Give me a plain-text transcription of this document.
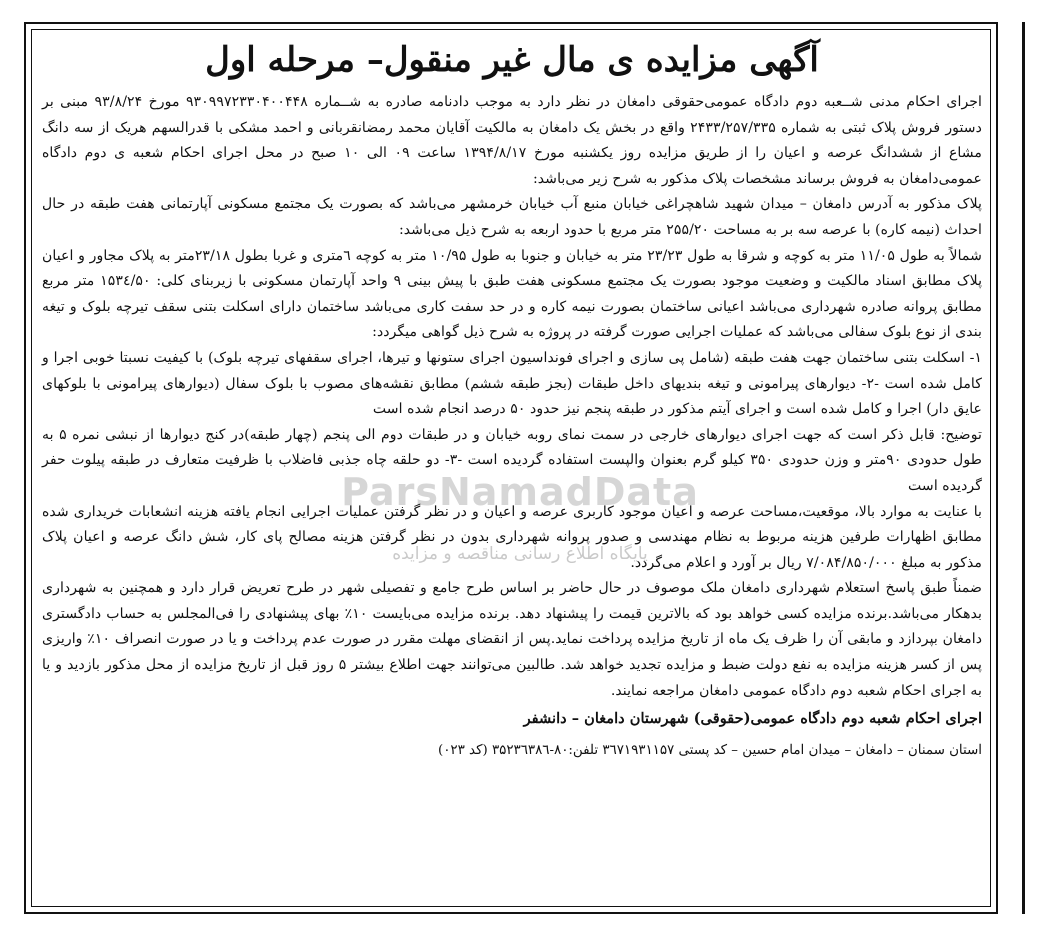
ParsNamadData
پایگاه اطلاع رسانی مناقصه و مزایده
آگهی مزایده ی مال غیر منقول– مرحله اول

اجرای احکام مدنی شــعبه دوم دادگاه عمومی‌حقوقی دامغان در نظر دارد به موجب دادنامه صادره به شــماره ۹۳۰۹۹۷۲۳۳۰۴۰۰۴۴۸ مورخ ۹۳/۸/۲۴ مبنی بر دستور فروش پلاک ثبتی به شماره ۲۴۳۳/۲۵۷/۳۳۵ واقع در بخش یک دامغان به مالکیت آقایان محمد رمضانقربانی و احمد مشکی با قدرالسهم هریک از سه دانگ مشاع از ششدانگ عرصه و اعیان را از طریق مزایده روز یکشنبه مورخ ۱۳۹۴/۸/۱۷ ساعت ۰۹ الی ۱۰ صبح در محل اجرای احکام شعبه ی دوم دادگاه عمومی‌دامغان به فروش برساند مشخصات پلاک مذکور به شرح زیر می‌باشد:

پلاک مذکور به آدرس دامغان – میدان شهید شاهچراغی خیابان منبع آب خیابان خرمشهر می‌باشد که بصورت یک مجتمع مسکونی آپارتمانی هفت طبقه در حال احداث (نیمه کاره) با عرصه سه بر به مساحت ۲۵۵/۲۰ متر مربع با حدود اربعه به شرح ذیل می‌باشد:

شمالاً به طول ۱۱/۰۵ متر به کوچه و شرقا به طول ۲۳/۲۳ متر به خیابان و جنوبا به طول ۱۰/۹۵ متر به کوچه ٦متری و غربا بطول ۲۳/۱۸متر به پلاک مجاور و اعیان پلاک مطابق اسناد مالکیت و وضعیت موجود بصورت یک مجتمع مسکونی هفت طبق با پیش بینی ۹ واحد آپارتمان مسکونی با زیربنای کلی: ۱۵۳٤/۵۰ متر مربع مطابق پروانه صادره شهرداری می‌باشد اعیانی ساختمان بصورت نیمه کاره و در حد سفت کاری می‌باشد ساختمان دارای اسکلت بتنی سقف تیرچه بلوک و تیغه بندی از نوع بلوک سفالی می‌باشد که عملیات اجرایی صورت گرفته در پروژه به شرح ذیل گواهی میگردد:

۱- اسکلت بتنی ساختمان جهت هفت طبقه (شامل پی سازی و اجرای فونداسیون اجرای ستونها و تیرها، اجرای سقفهای تیرچه بلوک) با کیفیت نسبتا خوبی اجرا و کامل شده است -۲- دیوارهای پیرامونی و تیغه بندیهای داخل طبقات (بجز طبقه ششم) مطابق نقشه‌های مصوب با بلوک سفال (دیوارهای پیرامونی با بلوکهای عایق دار) اجرا و کامل شده است و اجرای آیتم مذکور در طبقه پنجم نیز حدود ۵۰ درصد انجام شده است

توضیح: قابل ذکر است که جهت اجرای دیوارهای خارجی در سمت نمای روبه خیابان و در طبقات دوم الی پنجم (چهار طبقه)در کنج دیوارها از نبشی نمره ۵ به طول حدودی ۹۰متر و وزن حدودی ۳۵۰ کیلو گرم بعنوان والپست استفاده گردیده است -۳- دو حلقه چاه جذبی فاضلاب با ظرفیت متعارف در طبقه پیلوت حفر گردیده است

با عنایت به موارد بالا، موقعیت،مساحت عرصه و اعیان موجود کاربری عرصه و اعیان و در نظر گرفتن عملیات اجرایی انجام یافته هزینه انشعابات خریداری شده مطابق اظهارات طرفین هزینه مربوط به نظام مهندسی و صدور پروانه شهرداری بدون در نظر گرفتن هزینه مصالح پای کار، شش دانگ عرصه و اعیان پلاک مذکور به مبلغ ۷/۰۸۴/۸۵۰/۰۰۰ ریال بر آورد و اعلام می‌گردد.

ضمناً طبق پاسخ استعلام شهرداری دامغان ملک موصوف در حال حاضر بر اساس طرح جامع و تفصیلی شهر در طرح تعریض قرار دارد و همچنین به شهرداری بدهکار می‌باشد.برنده مزایده کسی خواهد بود که بالاترین قیمت را پیشنهاد دهد. برنده مزایده می‌بایست ۱۰٪ بهای پیشنهادی را فی‌المجلس به حساب دادگستری دامغان بپردازد و مابقی آن را ظرف یک ماه از تاریخ مزایده پرداخت نماید.پس از انقضای مهلت مقرر در صورت عدم پرداخت و یا در صورت انصراف ۱۰٪ واریزی پس از کسر هزینه مزایده به نفع دولت ضبط و مزایده تجدید خواهد شد. طالبین می‌توانند جهت اطلاع بیشتر ۵ روز قبل از تاریخ مزایده از محل مذکور بازدید و یا به اجرای احکام شعبه دوم دادگاه عمومی دامغان مراجعه نمایند.

اجرای احکام شعبه دوم دادگاه عمومی(حقوقی) شهرستان دامغان – دانشفر

استان سمنان – دامغان – میدان امام حسین – کد پستی ۳٦۷۱۹۳۱۱۵۷ تلفن:۸۰-۳۵۲۳٦۳۸٦ (کد ۰۲۳)
